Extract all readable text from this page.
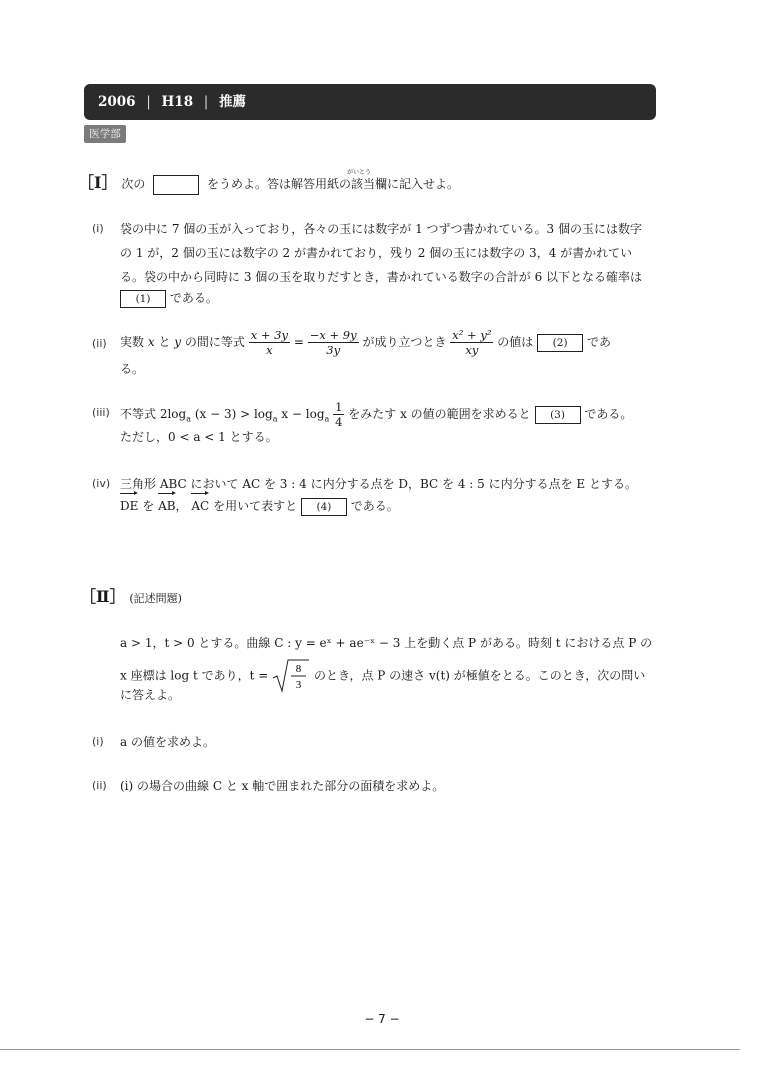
2006 | H18 | 推薦
医学部
［Ⅰ］ 次の	をうめよ。答は解答用紙の該当欄に記入せよ。
がいとう
(i) 袋の中に 7 個の玉が入っており，各々の玉には数字が 1 つずつ書かれている。3 個の玉には数字
の 1 が，2 個の玉には数字の 2 が書かれており，残り 2 個の玉には数字の 3，4 が書かれてい
る。袋の中から同時に 3 個の玉を取りだすとき，書かれている数字の合計が 6 以下となる確率は
(1) である。
(ii) 実数 x と y の間に等式 $\frac{x + 3y}{x} = \frac{-x + 9y}{3y}$ が成り立つとき $\frac{\text{x² + y²}}{xy}$ の値は (2) であ
る。
(iii) 不等式 $2\log_a$ $(x - 3) > \log_a x - \log_a \frac{1}{4}$ をみたす x の値の範囲を求めると (3) である。
ただし，0 < a < 1 とする。
(iv) 三角形 ABC において AC を 3 : 4 に内分する点を D，BC を 4 : 5 に内分する点を E とする。
DE を AB， AC を用いて表すと (4) である。
［Ⅱ］ (記述問題)
a > 1，t > 0 とする。曲線 C : y = eˣ + ae⁻ˣ − 3 上を動く点 P がある。時刻 t における点 P の
x 座標は log t であり，t =	8
3
のとき，点 P の速さ v(t) が極値をとる。このとき，次の問い
に答えよ。
(i) a の値を求めよ。
(ii) (i) の場合の曲線 C と x 軸で囲まれた部分の面積を求めよ。
− 7 −
